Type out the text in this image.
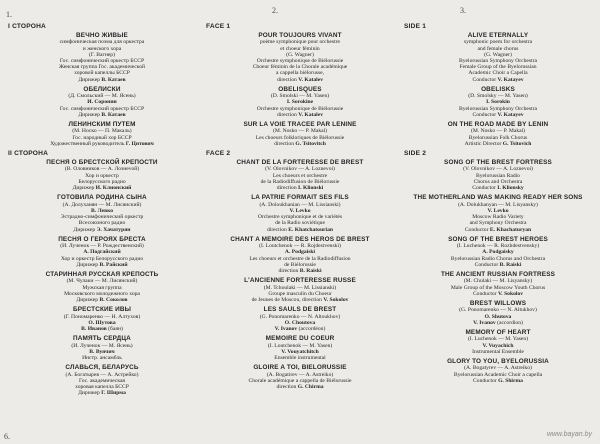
1.	2.	3.
6.
I СТОРОНА
ВЕЧНО ЖИВЫЕ
симфоническая поэма для оркестра
и женского хора
(Г. Вагнер)
Гос. симфонический оркестр БССР
Женская группа Гос. академической
хоровой капеллы БССР
Дирижер В. Катаев
ОБЕЛИСКИ
(Д. Смольский — М. Ясень)
И. Соронин
Гос. симфонический оркестр БССР
Дирижер В. Катаев
ЛЕНИНСКИМ ПУТЕМ
(М. Носко — П. Макаль)
Гос. народный хор БССР
Художественный руководитель Г. Цитович
II СТОРОНА
ПЕСНЯ О БРЕСТСКОЙ КРЕПОСТИ
(В. Оловников — А. Лознevой)
Хор и оркестр
Белорусского радио
Дирижер И. Клионский
ГОТОВИЛА РОДИНА СЫНА
(А. Долуханян — М. Лисянский)
В. Левко
Эстрадно-симфонический оркестр
Всесоюзного радио
Дирижер Э. Хачатурян
ПЕСНЯ О ГЕРОЯХ БРЕСТА
(И. Лученок — Р. Рождественский)
А. Подгайский
Хор и оркестр Белорусского радио
Дирижер В. Райский
СТАРИННАЯ РУССКАЯ КРЕПОСТЬ
(М. Чулаки — М. Лисянский)
Мужская группа
Московского молодежного хора
Дирижер В. Соколов
БРЕСТСКИЕ ИВЫ
(Г. Пономаренко — Н. Алтухов)
О. Шутова
В. Иванов (баян)
ПАМЯТЬ СЕРДЦА
(И. Лученок — М. Ясень)
В. Вуячич
Инстр. ансамбль
СЛАВЬСЯ, БЕЛАРУСЬ
(А. Богатырев — А. Астрейко)
Гос. академическая
хоровая капелла БССР
Дирижер Г. Ширма
FACE 1
POUR TOUJOURS VIVANT
poème symphonique pour orchestre
et choeur féminin
(G. Wagner)
Orchestre symphonique de Biélorussie
Choeur féminin de la Chorale académique
a cappella biélorusse,
direction V. Katalev
OBELISQUES
(D. Smolski — M. Yasen)
I. Sorokine
Orchestre symphonique de Biélorussie
direction V. Katalev
SUR LA VOIE TRACEE PAR LENINE
(M. Nosko — P. Makal)
Les choeurs folkloriques de Biélorussie
direction G. Tsitovitch
FACE 2
CHANT DE LA FORTERESSE DE BREST
(V. Olovnikov — A. Loznevoi)
Les choeurs et orchestre
de la Radiodiffusion de Biélorussie
direction I. Klionski
LA PATRIE FORMAIT SES FILS
(A. Doloukhanian — M. Lissianski)
V. Levko
Orchestre symphonique et de variétés
de la Radio soviétique
direction E. Khatchatourian
CHANT A MEMOIRE DES HEROS DE BREST
(I. Loutchenok — R. Rojdestvenski)
A. Podgaiski
Les choeurs et orchestre de la Radiodiffusion
de Biélorussie
direction B. Raiski
L'ANCIENNE FORTERESSE RUSSE
(M. Tchoulaki — M. Lissianski)
Groupe masculin du Choeur
de Jeunes de Moscou, direction V. Sokolov
LES SAULS DE BREST
(G. Ponomarenko — N. Altoukhov)
O. Choutova
V. Ivanov (accordéon)
MEMOIRE DU COEUR
(I. Loutchenok — M. Yasen)
V. Vouyatchitch
Ensemble instrumental
GLOIRE A TOI, BIELORUSSIE
(A. Bogatirev — A. Astreiko)
Chorale académique a cappella de Biélorussie
direction G. Chirma
SIDE 1
ALIVE ETERNALLY
symphonic poem for orchestra
and female chorus
(G. Wagner)
Byelorussian Symphony Orchestra
Female Group of the Byelorussian
Academic Choir a Capella
Conductor V. Katayev
OBELISKS
(D. Smolsky — M. Yasen)
I. Sorokin
Byelorussian Symphony Orchestra
Conductor V. Katayev
ON THE ROAD MADE BY LENIN
(M. Nosko — P. Makal)
Byelorussian Folk Chorus
Artistic Director G. Tsitovich
SIDE 2
SONG OF THE BREST FORTRESS
(V. Olovnikov — A. Loznevoi)
Byelorussian Radio
Chorus and Orchestra
Conductor I. Klionsky
THE MOTHERLAND WAS MAKING READY HER SONS
(A. Dolukhanyan — M. Lisyansky)
V. Levko
Moscow Radio Variety
and Symphony Orchestra
Conductor E. Khachaturyan
SONG OF THE BREST HEROES
(I. Luchenok — R. Rozhdestvensky)
A. Podgaisky
Byelorussian Radio Chorus and Orchestra
Conductor B. Raiski
THE ANCIENT RUSSIAN FORTRESS
(M. Chulaki — M. Lisyansky)
Male Group of the Moscow Youth Chorus
Conductor V. Sokolov
BREST WILLOWS
(G. Ponomarenko — N. Altukhov)
O. Shutova
V. Ivanov (accordion)
MEMORY OF HEART
(I. Luchenok — M. Yasen)
V. Vuyachich
Instrumental Ensemble
GLORY TO YOU, BYELORUSSIA
(A. Bogatyrev — A. Astreiko)
Byelorussian Academic Choir a capella
Conductor G. Shirma
www.bayan.by
